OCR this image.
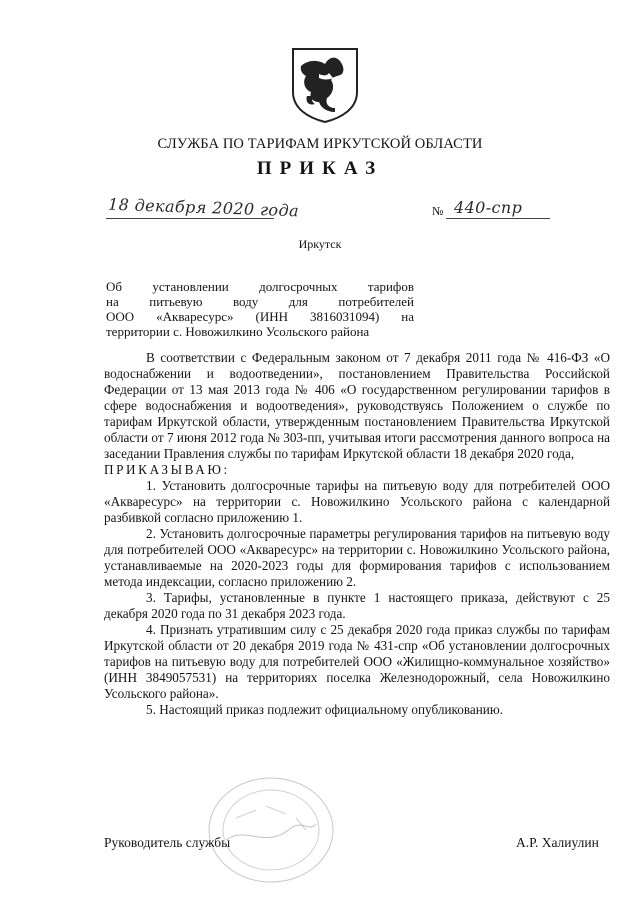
СЛУЖБА ПО ТАРИФАМ ИРКУТСКОЙ ОБЛАСТИ
ПРИКАЗ
18 декабря 2020 года	№ 440-спр
Иркутск
Об установлении долгосрочных тарифов
на питьевую воду для потребителей
ООО «Акваресурс» (ИНН 3816031094) на
территории с. Новожилкино Усольского района
В соответствии с Федеральным законом от 7 декабря 2011 года № 416-ФЗ «О водоснабжении и водоотведении», постановлением Правительства Российской Федерации от 13 мая 2013 года № 406 «О государственном регулировании тарифов в сфере водоснабжения и водоотведения», руководствуясь Положением о службе по тарифам Иркутской области, утвержденным постановлением Правительства Иркутской области от 7 июня 2012 года № 303-пп, учитывая итоги рассмотрения данного вопроса на заседании Правления службы по тарифам Иркутской области 18 декабря 2020 года,
ПРИКАЗЫВАЮ:
1. Установить долгосрочные тарифы на питьевую воду для потребителей ООО «Акваресурс» на территории с. Новожилкино Усольского района с календарной разбивкой согласно приложению 1.
2. Установить долгосрочные параметры регулирования тарифов на питьевую воду для потребителей ООО «Акваресурс» на территории с. Новожилкино Усольского района, устанавливаемые на 2020-2023 годы для формирования тарифов с использованием метода индексации, согласно приложению 2.
3. Тарифы, установленные в пункте 1 настоящего приказа, действуют с 25 декабря 2020 года по 31 декабря 2023 года.
4. Признать утратившим силу с 25 декабря 2020 года приказ службы по тарифам Иркутской области от 20 декабря 2019 года № 431-спр «Об установлении долгосрочных тарифов на питьевую воду для потребителей ООО «Жилищно-коммунальное хозяйство» (ИНН 3849057531) на территориях поселка Железнодорожный, села Новожилкино Усольского района».
5. Настоящий приказ подлежит официальному опубликованию.
Руководитель службы	А.Р. Халиулин
